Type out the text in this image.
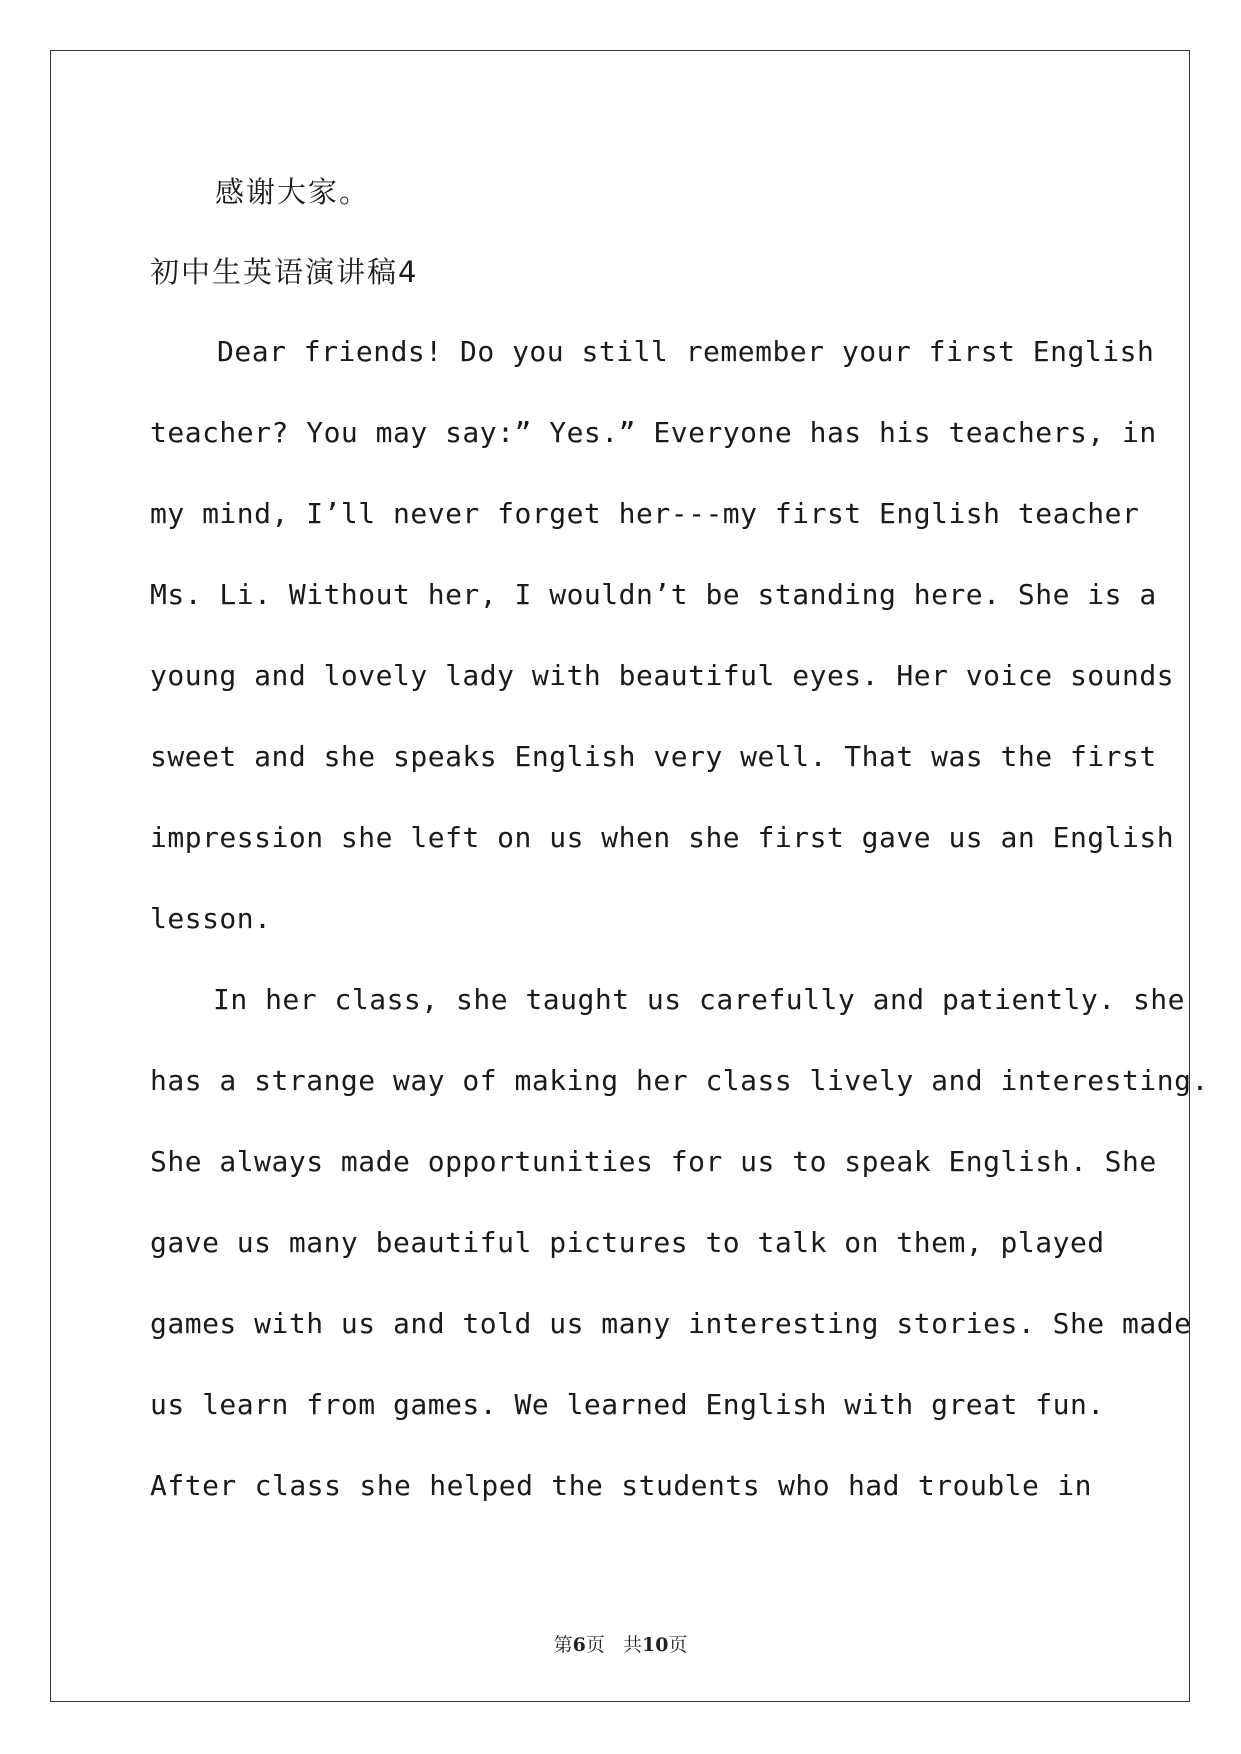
感谢大家。
初中生英语演讲稿4
Dear friends! Do you still remember your first English
teacher? You may say:” Yes.” Everyone has his teachers, in
my mind, I’ll never forget her---my first English teacher
Ms. Li. Without her, I wouldn’t be standing here. She is a
young and lovely lady with beautiful eyes. Her voice sounds
sweet and she speaks English very well. That was the first
impression she left on us when she first gave us an English
lesson.
In her class, she taught us carefully and patiently. she
has a strange way of making her class lively and interesting.
She always made opportunities for us to speak English. She
gave us many beautiful pictures to talk on them, played
games with us and told us many interesting stories. She made
us learn from games. We learned English with great fun.
After class she helped the students who had trouble in
第6页 共10页
